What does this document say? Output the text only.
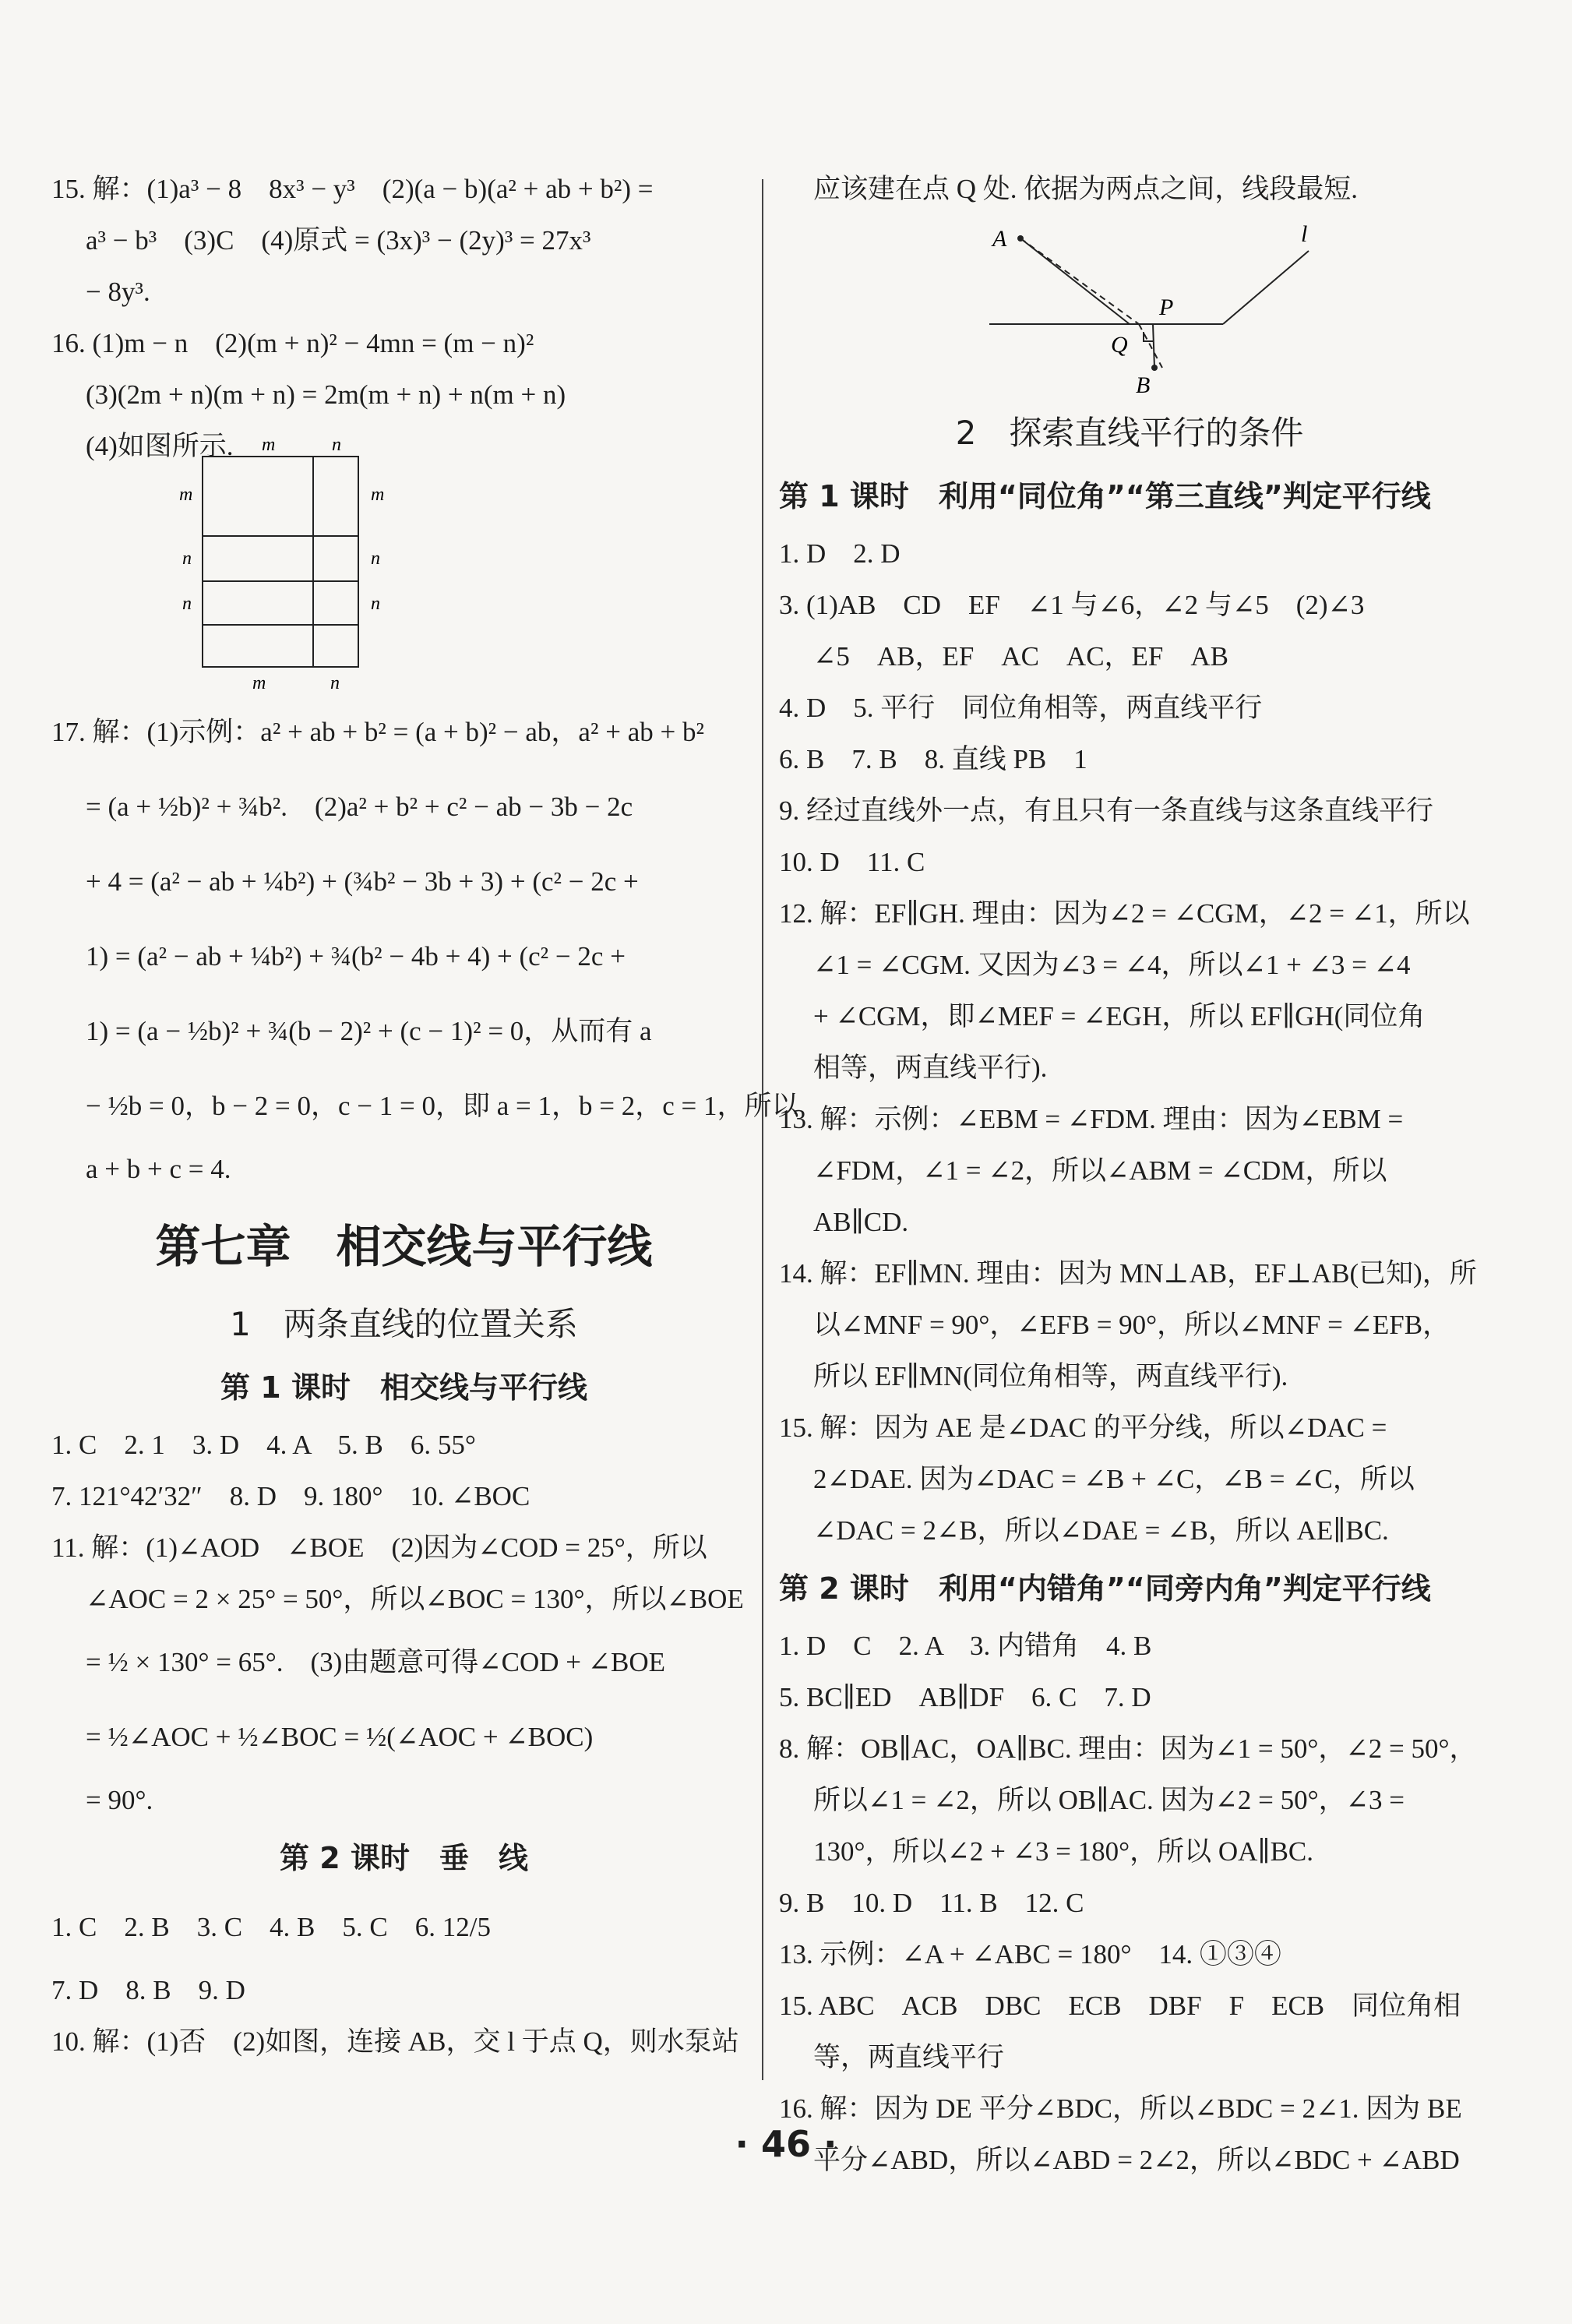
15. 解：(1)a³ − 8　8x³ − y³　(2)(a − b)(a² + ab + b²) =

a³ − b³　(3)C　(4)原式 = (3x)³ − (2y)³ = 27x³

− 8y³.

16. (1)m − n　(2)(m + n)² − 4mn = (m − n)²

(3)(2m + n)(m + n) = 2m(m + n) + n(m + n)

(4)如图所示.	m	n
m	m
n	n
n	n
m	n

17. 解：(1)示例：a² + ab + b² = (a + b)² − ab，a² + ab + b²

= (a + ½b)² + ¾b².　(2)a² + b² + c² − ab − 3b − 2c

+ 4 = (a² − ab + ¼b²) + (¾b² − 3b + 3) + (c² − 2c +

1) = (a² − ab + ¼b²) + ¾(b² − 4b + 4) + (c² − 2c +

1) = (a − ½b)² + ¾(b − 2)² + (c − 1)² = 0，从而有 a

− ½b = 0，b − 2 = 0，c − 1 = 0，即 a = 1，b = 2，c = 1，所以

a + b + c = 4.

第七章　相交线与平行线
1　两条直线的位置关系
第 1 课时　相交线与平行线

1. C　2. 1　3. D　4. A　5. B　6. 55°

7. 121°42′32″　8. D　9. 180°　10. ∠BOC

11. 解：(1)∠AOD　∠BOE　(2)因为∠COD = 25°，所以

∠AOC = 2 × 25° = 50°，所以∠BOC = 130°，所以∠BOE

= ½ × 130° = 65°.　(3)由题意可得∠COD + ∠BOE

= ½∠AOC + ½∠BOC = ½(∠AOC + ∠BOC)

= 90°.

第 2 课时　垂　线

1. C　2. B　3. C　4. B　5. C　6. 12/5

7. D　8. B　9. D

10. 解：(1)否　(2)如图，连接 AB，交 l 于点 Q，则水泵站

应该建在点 Q 处. 依据为两点之间，线段最短.

A	l
P
Q
B
2　探索直线平行的条件
第 1 课时　利用“同位角”“第三直线”判定平行线

1. D　2. D

3. (1)AB　CD　EF　∠1 与∠6，∠2 与∠5　(2)∠3

∠5　AB，EF　AC　AC，EF　AB

4. D　5. 平行　同位角相等，两直线平行

6. B　7. B　8. 直线 PB　1

9. 经过直线外一点，有且只有一条直线与这条直线平行

10. D　11. C

12. 解：EF∥GH. 理由：因为∠2 = ∠CGM，∠2 = ∠1，所以

∠1 = ∠CGM. 又因为∠3 = ∠4，所以∠1 + ∠3 = ∠4

+ ∠CGM，即∠MEF = ∠EGH，所以 EF∥GH(同位角

相等，两直线平行).

13. 解：示例：∠EBM = ∠FDM. 理由：因为∠EBM =

∠FDM，∠1 = ∠2，所以∠ABM = ∠CDM，所以

AB∥CD.

14. 解：EF∥MN. 理由：因为 MN⊥AB，EF⊥AB(已知)，所

以∠MNF = 90°，∠EFB = 90°，所以∠MNF = ∠EFB，

所以 EF∥MN(同位角相等，两直线平行).

15. 解：因为 AE 是∠DAC 的平分线，所以∠DAC =

2∠DAE. 因为∠DAC = ∠B + ∠C，∠B = ∠C，所以

∠DAC = 2∠B，所以∠DAE = ∠B，所以 AE∥BC.

第 2 课时　利用“内错角”“同旁内角”判定平行线

1. D　C　2. A　3. 内错角　4. B

5. BC∥ED　AB∥DF　6. C　7. D

8. 解：OB∥AC，OA∥BC. 理由：因为∠1 = 50°，∠2 = 50°，

所以∠1 = ∠2，所以 OB∥AC. 因为∠2 = 50°，∠3 =

130°，所以∠2 + ∠3 = 180°，所以 OA∥BC.

9. B　10. D　11. B　12. C

13. 示例：∠A + ∠ABC = 180°　14. ①③④

15. ABC　ACB　DBC　ECB　DBF　F　ECB　同位角相

等，两直线平行

16. 解：因为 DE 平分∠BDC，所以∠BDC = 2∠1. 因为 BE

平分∠ABD，所以∠ABD = 2∠2，所以∠BDC + ∠ABD

· 46 ·
